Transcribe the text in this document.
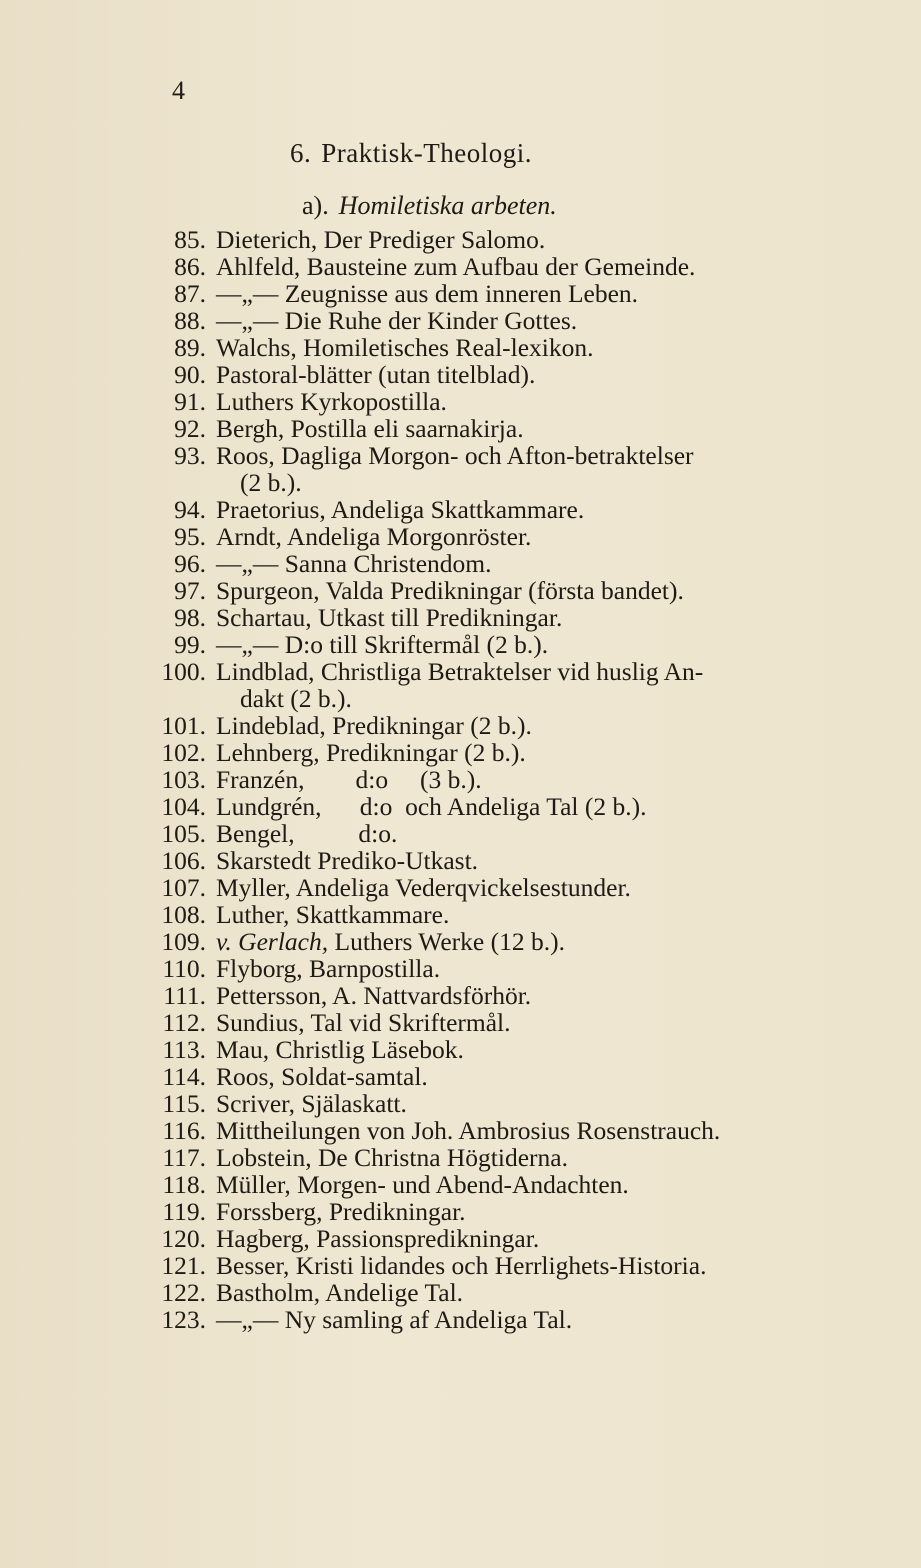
4
6. Praktisk-Theologi.
a). Homiletiska arbeten.
85. Dieterich, Der Prediger Salomo.
86. Ahlfeld, Bausteine zum Aufbau der Gemeinde.
87. —„— Zeugnisse aus dem inneren Leben.
88. —„— Die Ruhe der Kinder Gottes.
89. Walchs, Homiletisches Real-lexikon.
90. Pastoral-blätter (utan titelblad).
91. Luthers Kyrkopostilla.
92. Bergh, Postilla eli saarnakirja.
93. Roos, Dagliga Morgon- och Afton-betraktelser
(2 b.).
94. Praetorius, Andeliga Skattkammare.
95. Arndt, Andeliga Morgonröster.
96. —„— Sanna Christendom.
97. Spurgeon, Valda Predikningar (första bandet).
98. Schartau, Utkast till Predikningar.
99. —„— D:o till Skriftermål (2 b.).
100. Lindblad, Christliga Betraktelser vid huslig An-
dakt (2 b.).
101. Lindeblad, Predikningar (2 b.).
102. Lehnberg, Predikningar (2 b.).
103. Franzén,        d:o     (3 b.).
104. Lundgrén,      d:o  och Andeliga Tal (2 b.).
105. Bengel,          d:o.
106. Skarstedt Prediko-Utkast.
107. Myller, Andeliga Vederqvickelsestunder.
108. Luther, Skattkammare.
109. v. Gerlach, Luthers Werke (12 b.).
110. Flyborg, Barnpostilla.
111. Pettersson, A. Nattvardsförhör.
112. Sundius, Tal vid Skriftermål.
113. Mau, Christlig Läsebok.
114. Roos, Soldat-samtal.
115. Scriver, Själaskatt.
116. Mittheilungen von Joh. Ambrosius Rosenstrauch.
117. Lobstein, De Christna Högtiderna.
118. Müller, Morgen- und Abend-Andachten.
119. Forssberg, Predikningar.
120. Hagberg, Passionspredikningar.
121. Besser, Kristi lidandes och Herrlighets-Historia.
122. Bastholm, Andelige Tal.
123. —„— Ny samling af Andeliga Tal.
